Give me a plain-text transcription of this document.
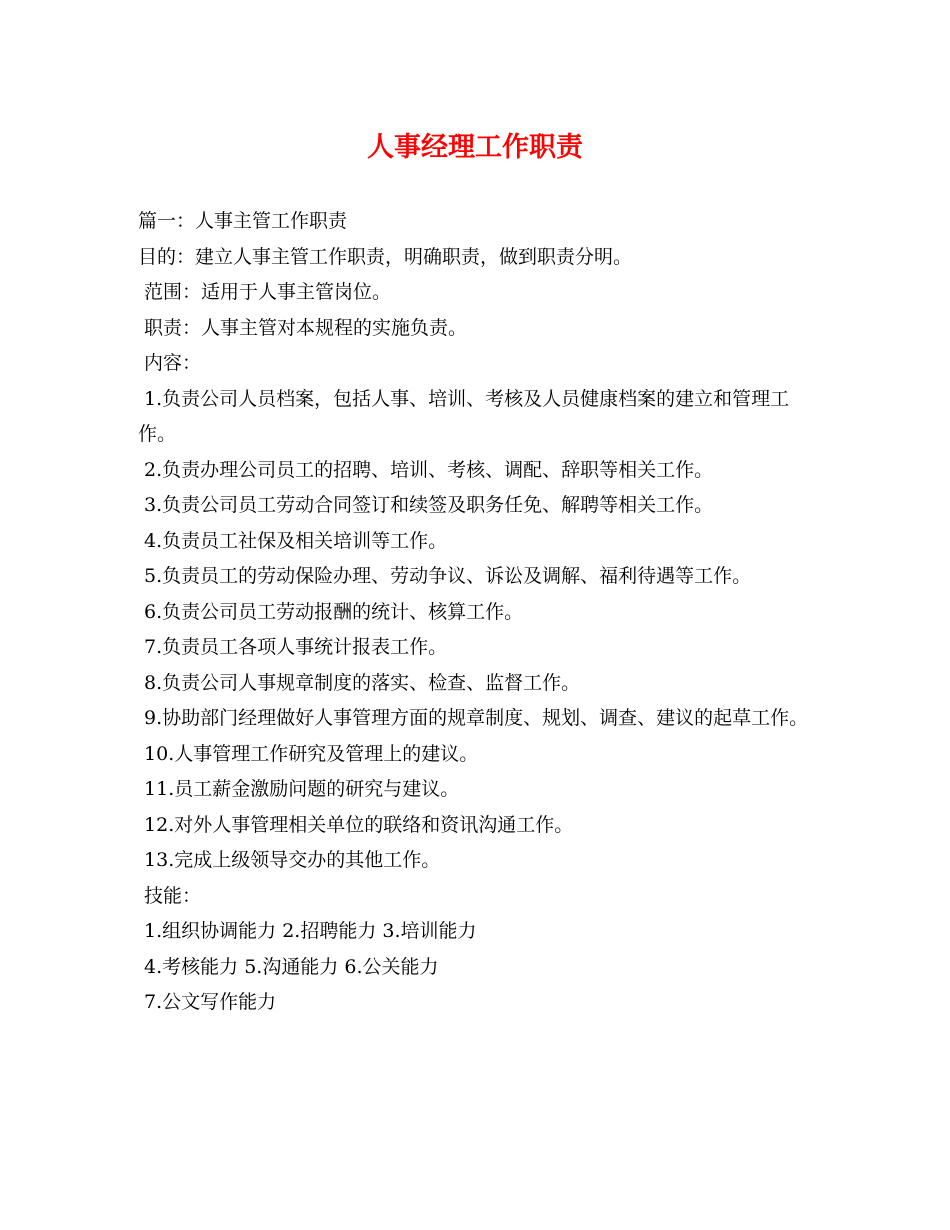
人事经理工作职责

篇一：人事主管工作职责

目的：建立人事主管工作职责，明确职责，做到职责分明。

范围：适用于人事主管岗位。

职责：人事主管对本规程的实施负责。

内容：

1.负责公司人员档案，包括人事、培训、考核及人员健康档案的建立和管理工作。

2.负责办理公司员工的招聘、培训、考核、调配、辞职等相关工作。

3.负责公司员工劳动合同签订和续签及职务任免、解聘等相关工作。

4.负责员工社保及相关培训等工作。

5.负责员工的劳动保险办理、劳动争议、诉讼及调解、福利待遇等工作。

6.负责公司员工劳动报酬的统计、核算工作。

7.负责员工各项人事统计报表工作。

8.负责公司人事规章制度的落实、检查、监督工作。

9.协助部门经理做好人事管理方面的规章制度、规划、调查、建议的起草工作。

10.人事管理工作研究及管理上的建议。

11.员工薪金激励问题的研究与建议。

12.对外人事管理相关单位的联络和资讯沟通工作。

13.完成上级领导交办的其他工作。

技能：

1.组织协调能力 2.招聘能力 3.培训能力

4.考核能力 5.沟通能力 6.公关能力

7.公文写作能力
